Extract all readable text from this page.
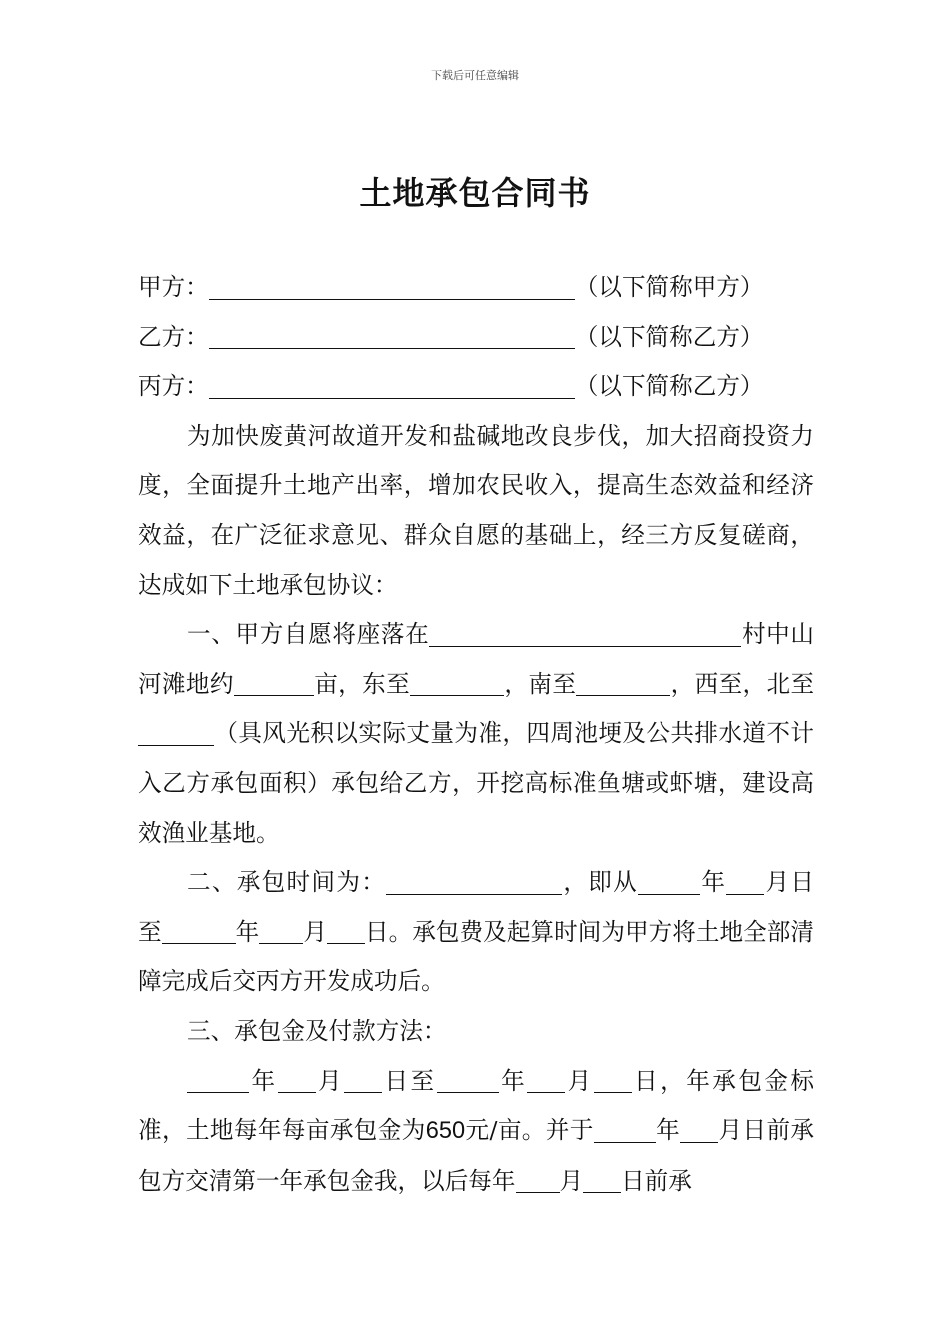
下载后可任意编辑
土地承包合同书

甲方：	（以下简称甲方）

乙方：	（以下简称乙方）

丙方：	（以下简称乙方）

为加快废黄河故道开发和盐碱地改良步伐，加大招商投资力度，全面提升土地产出率，增加农民收入，提高生态效益和经济效益，在广泛征求意见、群众自愿的基础上，经三方反复磋商，达成如下土地承包协议：

一、甲方自愿将座落在	村中山河滩地约	亩，东至	，南至	，西至，北至（具风光积以实际丈量为准，四周池埂及公共排水道不计入乙方承包面积）承包给乙方，开挖高标准鱼塘或虾塘，建设高效渔业基地。

二、承包时间为：	，即从	年 月日至	年 月 日。承包费及起算时间为甲方将土地全部清障完成后交丙方开发成功后。

三、承包金及付款方法：

年 月 日至	年 月 日，年承包金标准，土地每年每亩承包金为650元/亩。并于	年 月日前承包方交清第一年承包金我，以后每年 月 日前承
